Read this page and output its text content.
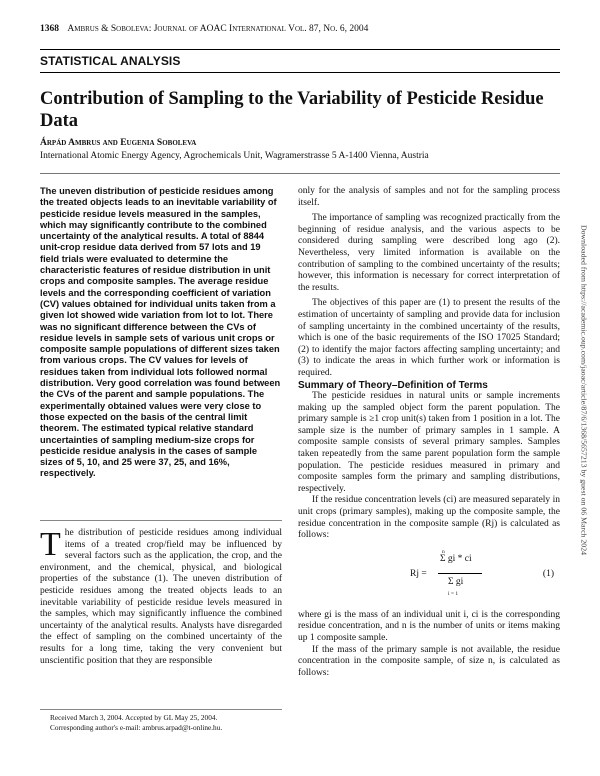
1368 Ambrus & Soboleva: Journal of AOAC International Vol. 87, No. 6, 2004
STATISTICAL ANALYSIS
Contribution of Sampling to the Variability of Pesticide Residue Data
Árpád Ambrus and Eugenia Soboleva
International Atomic Energy Agency, Agrochemicals Unit, Wagramerstrasse 5 A-1400 Vienna, Austria

The uneven distribution of pesticide residues among the treated objects leads to an inevitable variability of pesticide residue levels measured in the samples, which may significantly contribute to the combined uncertainty of the analytical results. A total of 8844 unit-crop residue data derived from 57 lots and 19 field trials were evaluated to determine the characteristic features of residue distribution in unit crops and composite samples. The average residue levels and the corresponding coefficient of variation (CV) values obtained for individual units taken from a given lot showed wide variation from lot to lot. There was no significant difference between the CVs of residue levels in sample sets of various unit crops or composite sample populations of different sizes taken from various crops. The CV values for levels of residues taken from individual lots followed normal distribution. Very good correlation was found between the CVs of the parent and sample populations. The experimentally obtained values were very close to those expected on the basis of the central limit theorem. The estimated typical relative standard uncertainties of sampling medium-size crops for pesticide residue analysis in the cases of sample sizes of 5, 10, and 25 were 37, 25, and 16%, respectively.

The distribution of pesticide residues among individual items of a treated crop/field may be influenced by several factors such as the application, the crop, and the environment, and the chemical, physical, and biological properties of the substance (1). The uneven distribution of pesticide residues among the treated objects leads to an inevitable variability of pesticide residue levels measured in the samples, which may significantly influence the combined uncertainty of the analytical results. Analysts have disregarded the effect of sampling on the combined uncertainty of the results for a long time, taking the very convenient but unscientific position that they are responsible
Received March 3, 2004. Accepted by GL May 25, 2004.
Corresponding author's e-mail: ambrus.arpad@t-online.hu.

only for the analysis of samples and not for the sampling process itself.

The importance of sampling was recognized practically from the beginning of residue analysis, and the various aspects to be considered during sampling were described long ago (2). Nevertheless, very limited information is available on the contribution of sampling to the combined uncertainty of the results; however, this information is necessary for correct interpretation of the results.

The objectives of this paper are (1) to present the results of the estimation of uncertainty of sampling and provide data for inclusion of sampling uncertainty in the combined uncertainty of the results, which is one of the basic requirements of the ISO 17025 Standard; (2) to identify the major factors affecting sampling uncertainty; and (3) to indicate the areas in which further work or information is required.

Summary of Theory–Definition of Terms

The pesticide residues in natural units or sample increments making up the sampled object form the parent population. The primary sample is ≥1 crop unit(s) taken from 1 position in a lot. The sample size is the number of primary samples in 1 sample. A composite sample consists of several primary samples. Samples taken repeatedly from the same parent population form the sample population. The pesticide residues measured in primary and composite samples form the primary and sampling distributions, respectively.

If the residue concentration levels (ci) are measured separately in unit crops (primary samples), making up the composite sample, the residue concentration in the composite sample (Rj) is calculated as follows:

Rj =
n
Σ gi * ci
Σ gi
i = 1
(1)

where gi is the mass of an individual unit i, ci is the corresponding residue concentration, and n is the number of units or items making up 1 composite sample.

If the mass of the primary sample is not available, the residue concentration in the composite sample, of size n, is calculated as follows:

Downloaded from https://academic.oup.com/jaoac/article/87/6/1368/5657213 by guest on 06 March 2024
